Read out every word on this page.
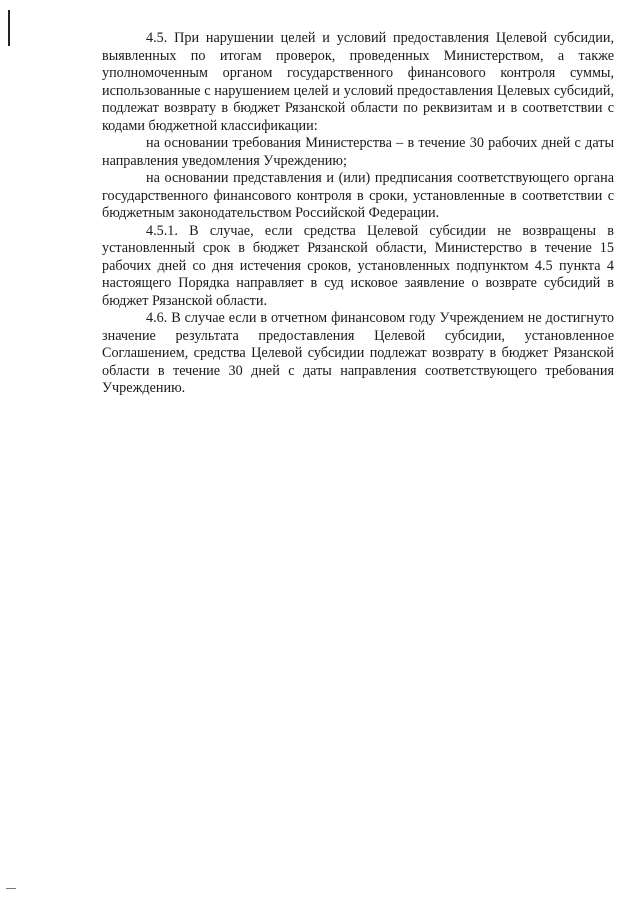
4.5. При нарушении целей и условий предоставления Целевой субсидии, выявленных по итогам проверок, проведенных Министерством, а также уполномоченным органом государственного финансового контроля суммы, использованные с нарушением целей и условий предоставления Целевых субсидий, подлежат возврату в бюджет Рязанской области по реквизитам и в соответствии с кодами бюджетной классификации:

на основании требования Министерства – в течение 30 рабочих дней с даты направления уведомления Учреждению;

на основании представления и (или) предписания соответствующего органа государственного финансового контроля в сроки, установленные в соответствии с бюджетным законодательством Российской Федерации.

4.5.1. В случае, если средства Целевой субсидии не возвращены в установленный срок в бюджет Рязанской области, Министерство в течение 15 рабочих дней со дня истечения сроков, установленных подпунктом 4.5 пункта 4 настоящего Порядка направляет в суд исковое заявление о возврате субсидий в бюджет Рязанской области.

4.6. В случае если в отчетном финансовом году Учреждением не достигнуто значение результата предоставления Целевой субсидии, установленное Соглашением, средства Целевой субсидии подлежат возврату в бюджет Рязанской области в течение 30 дней с даты направления соответствующего требования Учреждению.
